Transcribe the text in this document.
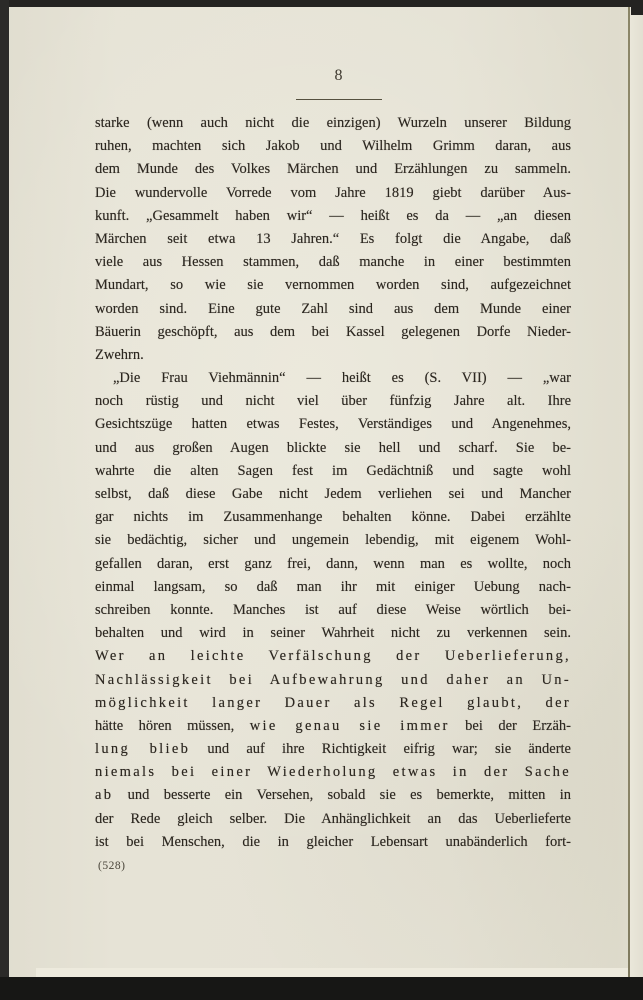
8
starke (wenn auch nicht die einzigen) Wurzeln unserer Bildung
ruhen, machten sich Jakob und Wilhelm Grimm daran, aus
dem Munde des Volkes Märchen und Erzählungen zu sammeln.
Die wundervolle Vorrede vom Jahre 1819 giebt darüber Aus-
kunft. „Gesammelt haben wir“ — heißt es da — „an diesen
Märchen seit etwa 13 Jahren.“ Es folgt die Angabe, daß
viele aus Hessen stammen, daß manche in einer bestimmten
Mundart, so wie sie vernommen worden sind, aufgezeichnet
worden sind. Eine gute Zahl sind aus dem Munde einer
Bäuerin geschöpft, aus dem bei Kassel gelegenen Dorfe Nieder-
Zwehrn.
„Die Frau Viehmännin“ — heißt es (S. VII) — „war
noch rüstig und nicht viel über fünfzig Jahre alt. Ihre
Gesichtszüge hatten etwas Festes, Verständiges und Angenehmes,
und aus großen Augen blickte sie hell und scharf. Sie be-
wahrte die alten Sagen fest im Gedächtniß und sagte wohl
selbst, daß diese Gabe nicht Jedem verliehen sei und Mancher
gar nichts im Zusammenhange behalten könne. Dabei erzählte
sie bedächtig, sicher und ungemein lebendig, mit eigenem Wohl-
gefallen daran, erst ganz frei, dann, wenn man es wollte, noch
einmal langsam, so daß man ihr mit einiger Uebung nach-
schreiben konnte. Manches ist auf diese Weise wörtlich bei-
behalten und wird in seiner Wahrheit nicht zu verkennen sein.
Wer an leichte Verfälschung der Ueberlieferung,
Nachlässigkeit bei Aufbewahrung und daher an Un-
möglichkeit langer Dauer als Regel glaubt, der
hätte hören müssen, wie genau sie immer bei der Erzäh-
lung blieb und auf ihre Richtigkeit eifrig war; sie änderte
niemals bei einer Wiederholung etwas in der Sache
ab und besserte ein Versehen, sobald sie es bemerkte, mitten in
der Rede gleich selber. Die Anhänglichkeit an das Ueberlieferte
ist bei Menschen, die in gleicher Lebensart unabänderlich fort-
(528)
